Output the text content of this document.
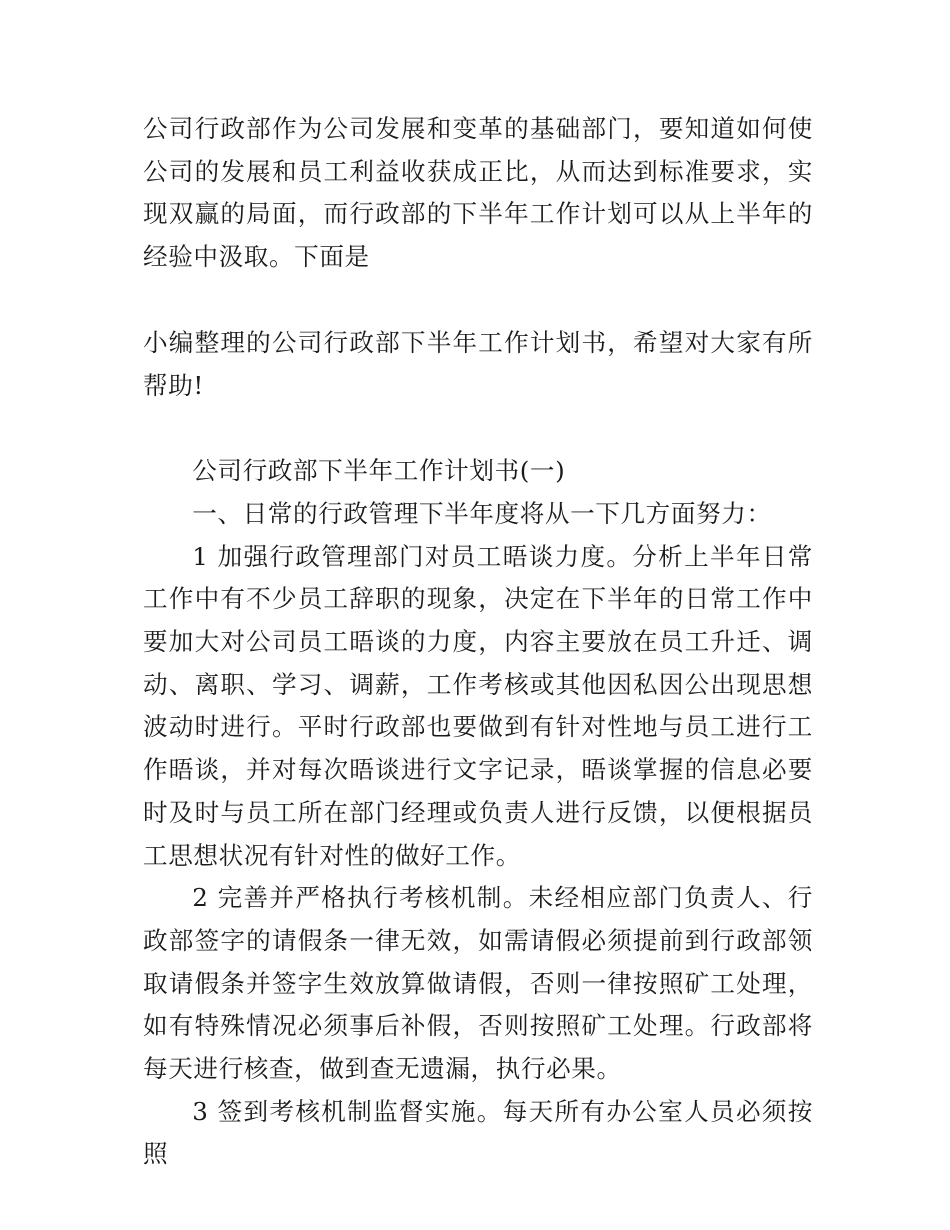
公司行政部作为公司发展和变革的基础部门，要知道如何使公司的发展和员工利益收获成正比，从而达到标准要求，实现双赢的局面，而行政部的下半年工作计划可以从上半年的经验中汲取。下面是

小编整理的公司行政部下半年工作计划书，希望对大家有所帮助!

公司行政部下半年工作计划书(一)

一、日常的行政管理下半年度将从一下几方面努力：

1 加强行政管理部门对员工晤谈力度。分析上半年日常工作中有不少员工辞职的现象，决定在下半年的日常工作中要加大对公司员工晤谈的力度，内容主要放在员工升迁、调动、离职、学习、调薪，工作考核或其他因私因公出现思想波动时进行。平时行政部也要做到有针对性地与员工进行工作晤谈，并对每次晤谈进行文字记录，晤谈掌握的信息必要时及时与员工所在部门经理或负责人进行反馈，以便根据员工思想状况有针对性的做好工作。

2 完善并严格执行考核机制。未经相应部门负责人、行政部签字的请假条一律无效，如需请假必须提前到行政部领取请假条并签字生效放算做请假，否则一律按照矿工处理，如有特殊情况必须事后补假，否则按照矿工处理。行政部将每天进行核查，做到查无遗漏，执行必果。

3 签到考核机制监督实施。每天所有办公室人员必须按照
